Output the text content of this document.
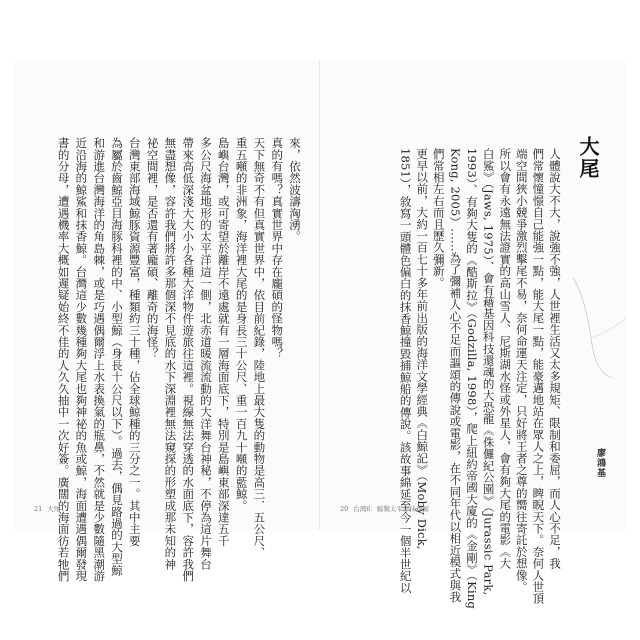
來，依然波濤洶湧。
真的有嗎？真實世界中存在龐碩的怪物嗎？
天下無奇不有但真實世界中，依目前紀錄，陸地上最大隻的動物是高三．五公尺、
重五噸的非洲象，海洋裡大尾的是身長三十公尺、重一百九十噸的藍鯨。
島嶼台灣，或可寄望於離岸不遠處就有一層海面底下，特別是島嶼東部深達五千
多公尺海盆地形的太平洋這一側，北赤道暖流流動的大洋舞台神秘，不停為這片舞台
帶來高低深淺大大小小各種大洋物件遊旅往這裡。視線無法穿透的水面底下，容許我們
無盡想像，容許我們將許多那個深不見底的水下深淵裡無法窺探的形塑成那未知的神
祕空間裡，是否還有著龐碩、離奇的海怪？
台灣東部海域鯨豚資源豐富，種類約三十種，佔全球鯨種的三分之一。其中主要
為屬於齒鯨亞目海豚科裡的中、小型鯨（身長十公尺以下）。過去，偶見路過的大型鯨
和游進台灣海洋的角島棘，或是巧遇偶爾浮上水表換氣的瓶鼻，不然就是少數隨黑潮游
近沿海的鯨鯊和抹香鯨。台灣這少數幾種夠大尾也夠神祕的魚或鯨，海面遭遇偶爾發現
書的分母，遭遇機率大概如遲疑始終不佳的人久久抽中一次好簽。廣闊的海面彷若牠們
21 大尾
大尾
廖鴻基
人體說大不大，說強不強，人世裡生活又太多規矩、限制和委屈，而人心不足，我
們常懷憧憬自己能強一點，能大尾一點，能豪邁地站在眾人之上，睥睨天下。奈何人世頂
端空間狹小競爭激烈擊尾不易，奈何命運天注定，只好將王者之尊的嚮往寄託於想像。
所以會有永遠無法證實的高山雪人、尼斯湖水怪或外星人，會有夠大尾的電影《大
白鯊》（Jaws, 1975）、會有藉基因科技還魂的大恐龍《侏儸紀公園》（Jurassic Park,
1993）、有夠大隻的《酷斯拉》（Godzilla, 1998），爬上紐約帝國大廈的《金剛》（King
Kong, 2005）……為了彌補人心不足而謳頌的傳說或電影，在不同年代以相近模式與我
們常相左右而且歷久彌新。
更早以前，大約一百七十多年前出版的海洋文學經典《白鯨記》（Moby Dick,
1851），敘寫一頭體色偏白的抹香鯨撞毀捕鯨船的傳說。該故事綿延至今一個半世紀以
20 台灣6：鯨類太平洋抹香鯨
